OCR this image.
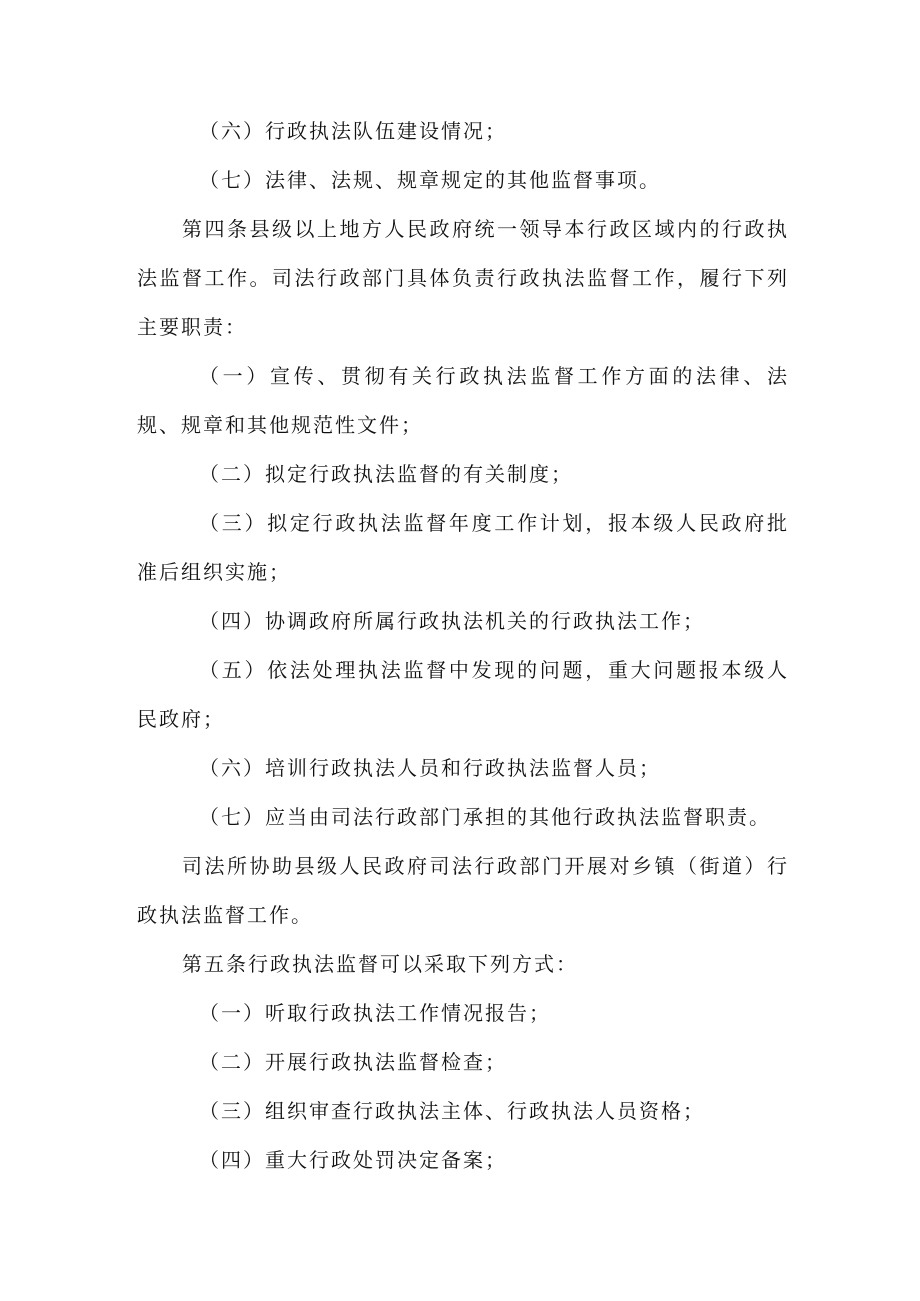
（六）行政执法队伍建设情况；

（七）法律、法规、规章规定的其他监督事项。

第四条县级以上地方人民政府统一领导本行政区域内的行政执法监督工作。司法行政部门具体负责行政执法监督工作，履行下列主要职责：

（一）宣传、贯彻有关行政执法监督工作方面的法律、法规、规章和其他规范性文件；

（二）拟定行政执法监督的有关制度；

（三）拟定行政执法监督年度工作计划，报本级人民政府批准后组织实施；

（四）协调政府所属行政执法机关的行政执法工作；

（五）依法处理执法监督中发现的问题，重大问题报本级人民政府；

（六）培训行政执法人员和行政执法监督人员；

（七）应当由司法行政部门承担的其他行政执法监督职责。

司法所协助县级人民政府司法行政部门开展对乡镇（街道）行政执法监督工作。

第五条行政执法监督可以采取下列方式：

（一）听取行政执法工作情况报告；

（二）开展行政执法监督检查；

（三）组织审查行政执法主体、行政执法人员资格；

（四）重大行政处罚决定备案；
